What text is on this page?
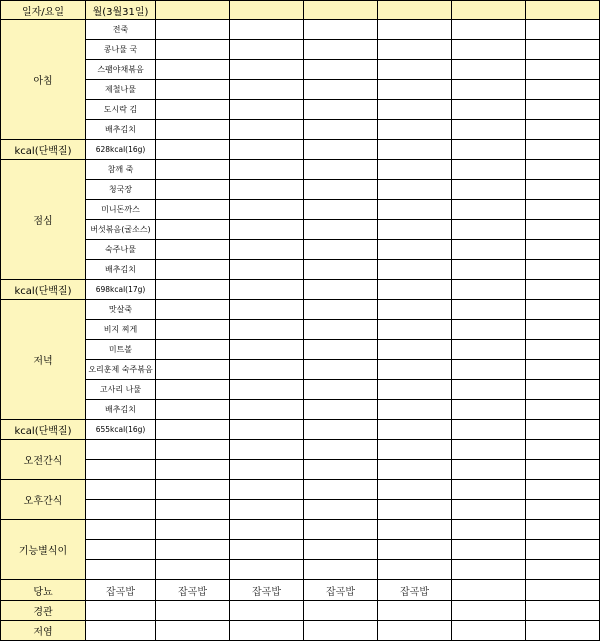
일자/요일	월(3월31일)						
아침	전죽						
	콩나물 국						
	스팸야채볶음						
	제철나물						
	도시락 김						
	배추김치						
kcal(단백질)	628kcal(16g)						
점심	참깨 죽						
	청국장						
	미니돈까스						
	버섯볶음(굴소스)						
	숙주나물						
	배추김치						
kcal(단백질)	698kcal(17g)						
저녁	맛살죽						
	비지 찌게						
	미트볼						
	오리훈제 숙주볶음						
	고사리 나물						
	배추김치						
kcal(단백질)	655kcal(16g)						
오전간식							

오후간식							

기능별식이							

당뇨	잡곡밥	잡곡밥	잡곡밥	잡곡밥	잡곡밥		
경관							
저염							
